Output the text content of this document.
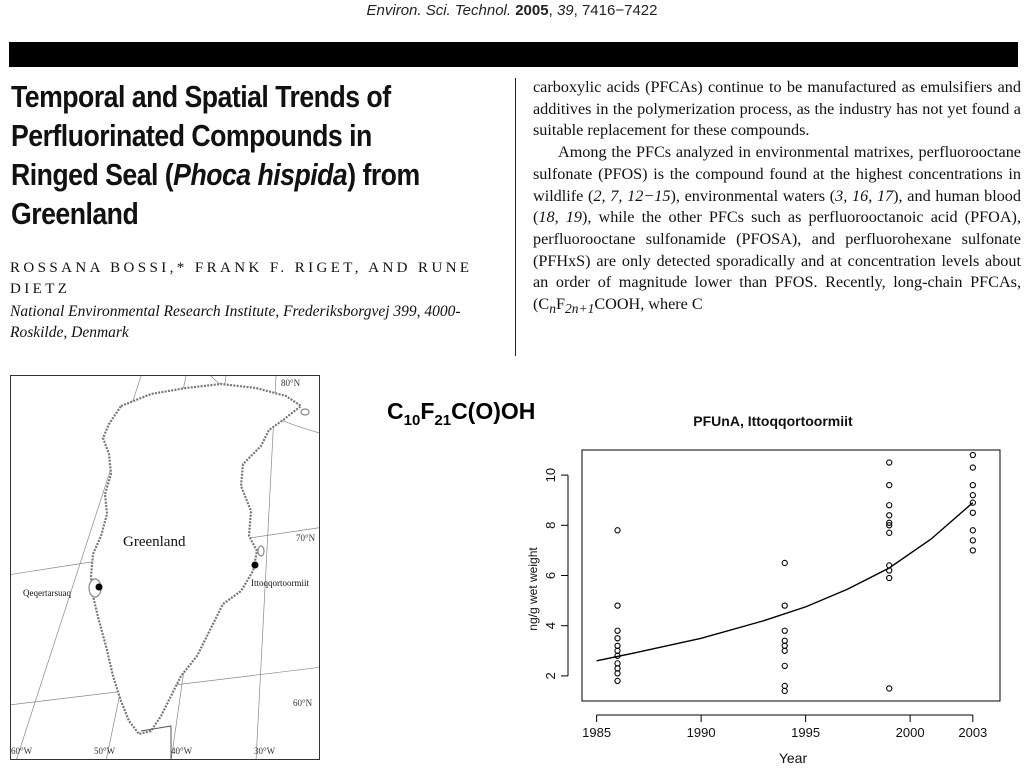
Environ. Sci. Technol. 2005, 39, 7416−7422
Temporal and Spatial Trends of Perfluorinated Compounds in Ringed Seal (Phoca hispida) from Greenland
ROSSANA BOSSI,* FRANK F. RIGET, AND RUNE DIETZ
National Environmental Research Institute, Frederiksborgvej 399, 4000-Roskilde, Denmark

carboxylic acids (PFCAs) continue to be manufactured as emulsifiers and additives in the polymerization process, as the industry has not yet found a suitable replacement for these compounds.

Among the PFCs analyzed in environmental matrixes, perfluorooctane sulfonate (PFOS) is the compound found at the highest concentrations in wildlife (2, 7, 12−15), environmental waters (3, 16, 17), and human blood (18, 19), while the other PFCs such as perfluorooctanoic acid (PFOA), perfluorooctane sulfonamide (PFOSA), and perfluorohexane sulfonate (PFHxS) are only detected sporadically and at concentration levels about an order of magnitude lower than PFOS. Recently, long-chain PFCAs, ($C_nF_{2n+1}COOH$, where C

80°N
70°N
60°N
60°W	50°W	40°W	30°W
Greenland
Qeqertarsuaq
Ittoqqortoormiit
$C_{10}F_{21}C(O)OH$	PFUnA, Ittoqqortoormiit
Year
ng/g wet weight
1985	1990	1995	2000	2003
2
4
6
8
10
